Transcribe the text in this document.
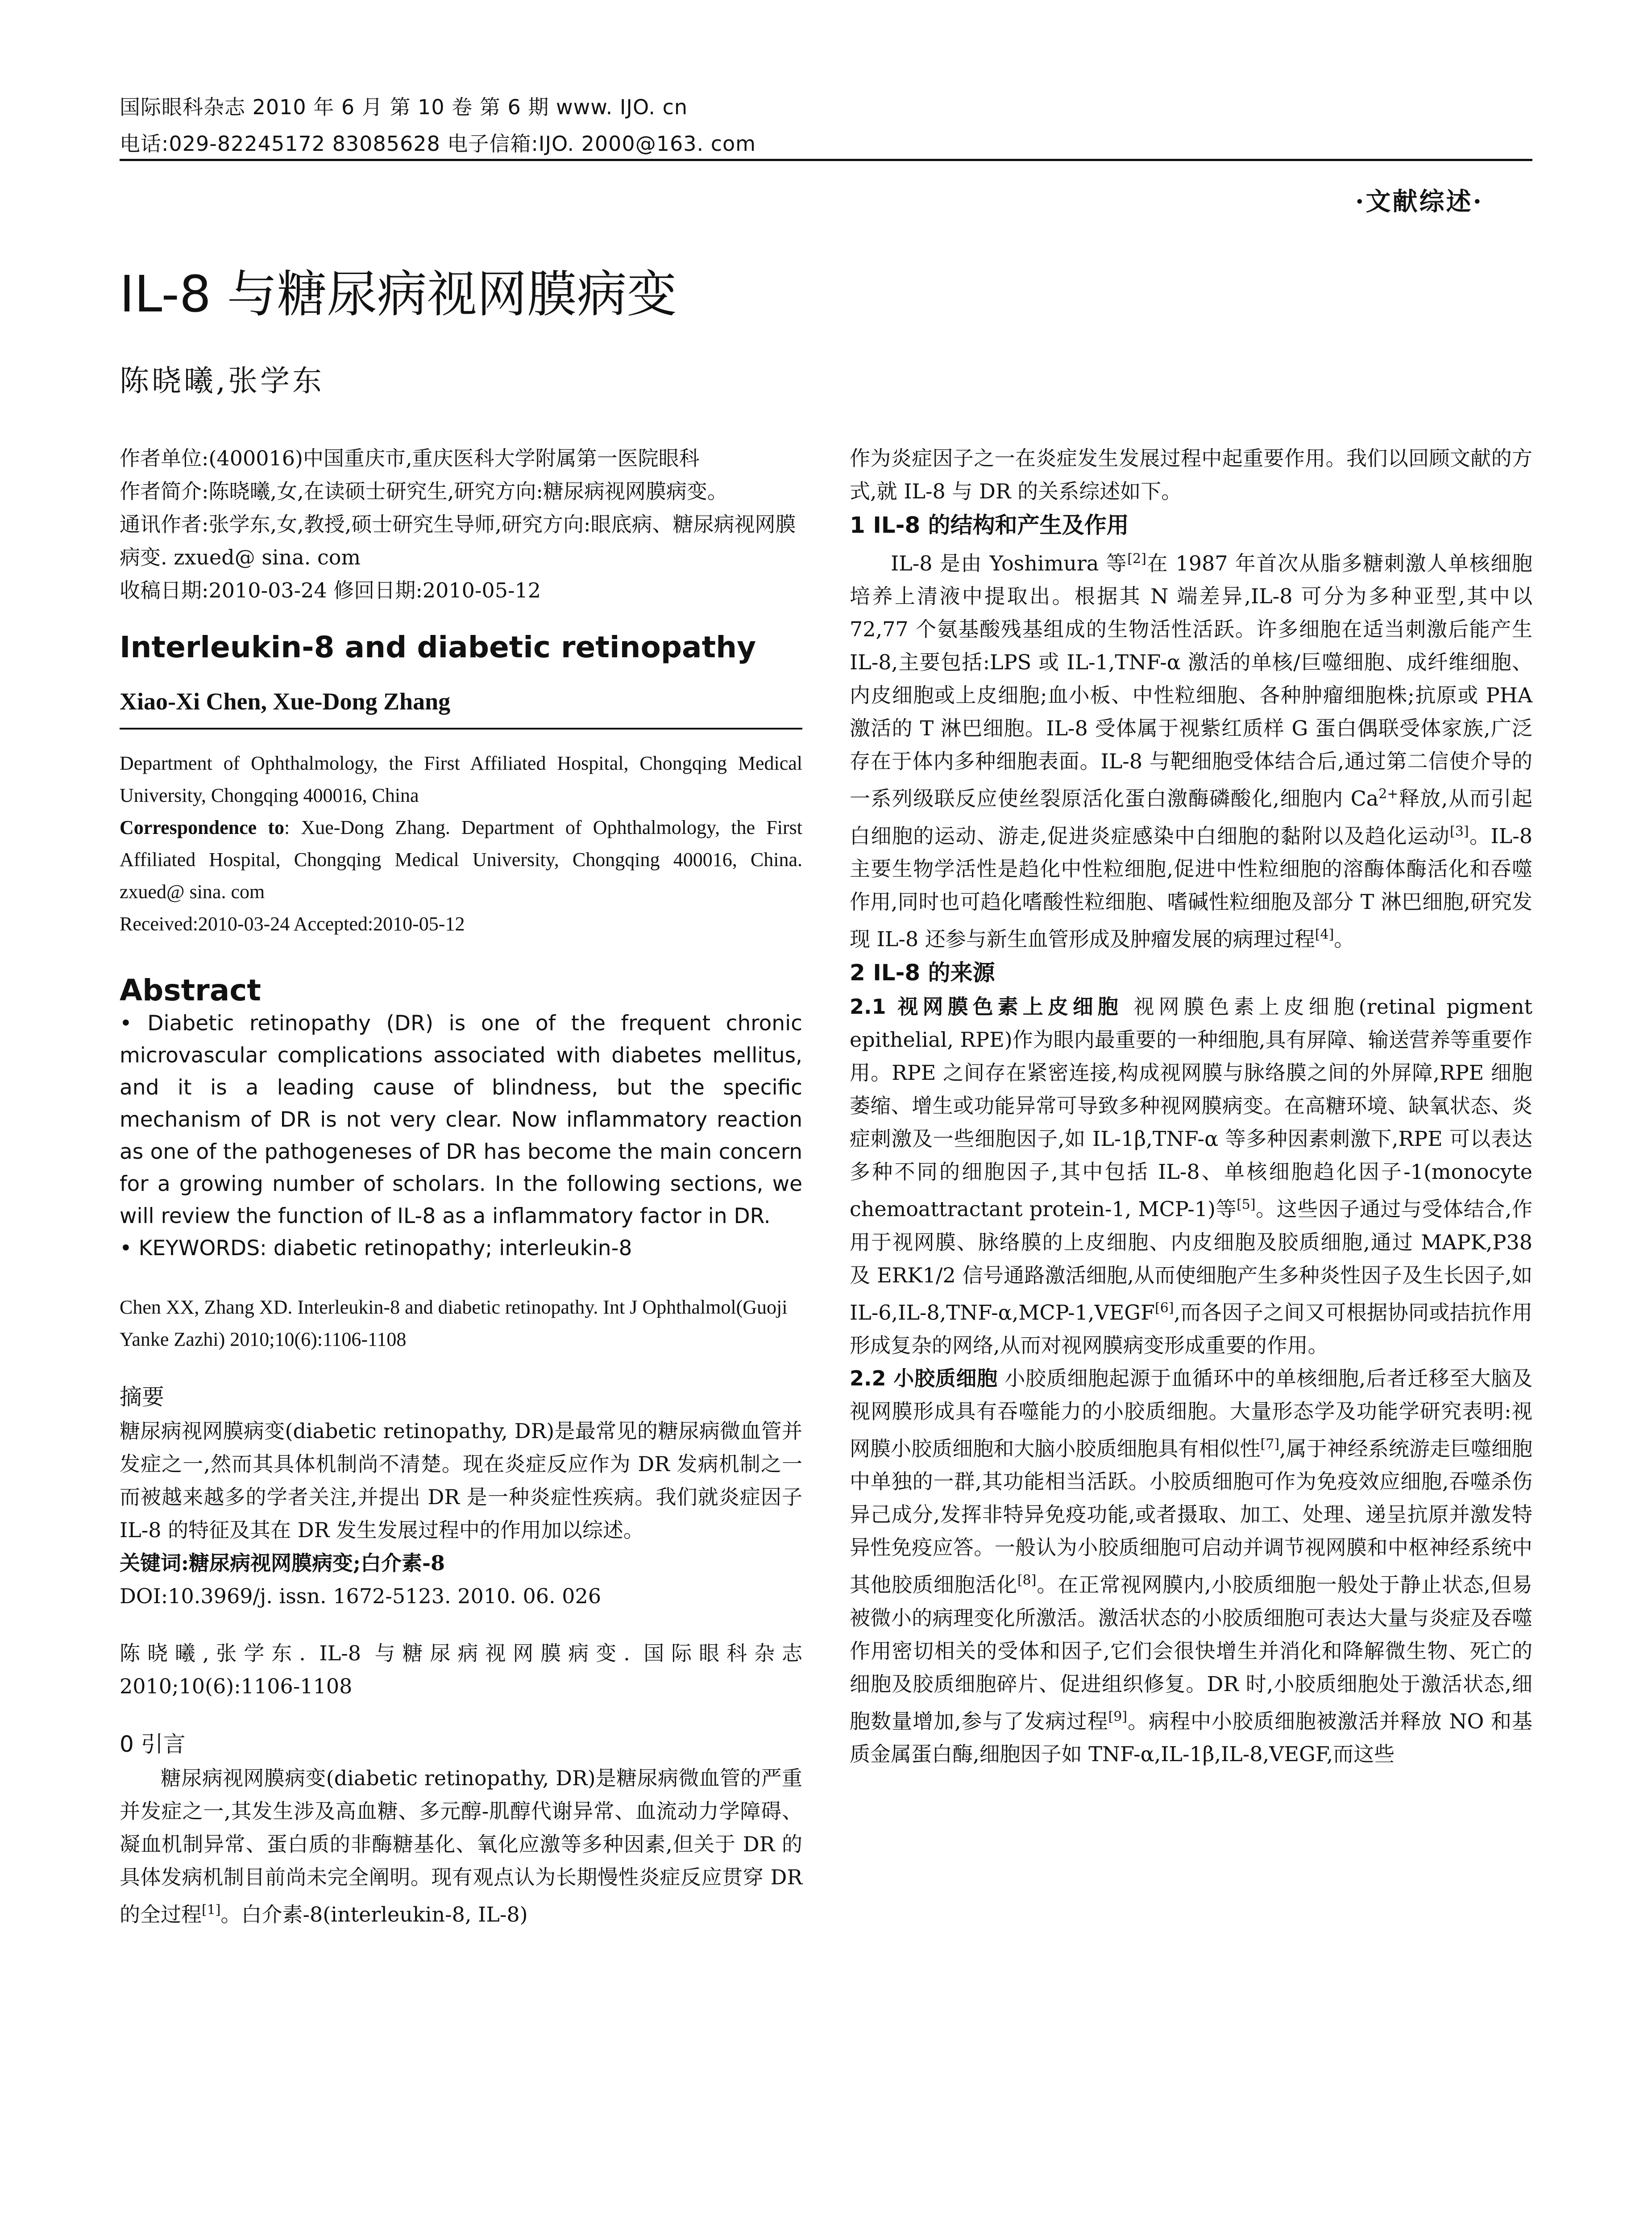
国际眼科杂志 2010 年 6 月 第 10 卷 第 6 期 www. IJO. cn
电话:029-82245172 83085628 电子信箱:IJO. 2000@163. com
·文献综述·
IL-8 与糖尿病视网膜病变
陈晓曦,张学东
作者单位:(400016)中国重庆市,重庆医科大学附属第一医院眼科
作者简介:陈晓曦,女,在读硕士研究生,研究方向:糖尿病视网膜病变。
通讯作者:张学东,女,教授,硕士研究生导师,研究方向:眼底病、糖尿病视网膜病变. zxued@ sina. com
收稿日期:2010-03-24 修回日期:2010-05-12
Interleukin-8 and diabetic retinopathy
Xiao-Xi Chen, Xue-Dong Zhang
Department of Ophthalmology, the First Affiliated Hospital, Chongqing Medical University, Chongqing 400016, China
Correspondence to: Xue-Dong Zhang. Department of Ophthalmology, the First Affiliated Hospital, Chongqing Medical University, Chongqing 400016, China. zxued@ sina. com
Received:2010-03-24 Accepted:2010-05-12
Abstract
• Diabetic retinopathy (DR) is one of the frequent chronic microvascular complications associated with diabetes mellitus, and it is a leading cause of blindness, but the specific mechanism of DR is not very clear. Now inflammatory reaction as one of the pathogeneses of DR has become the main concern for a growing number of scholars. In the following sections, we will review the function of IL-8 as a inflammatory factor in DR.
• KEYWORDS: diabetic retinopathy; interleukin-8
Chen XX, Zhang XD. Interleukin-8 and diabetic retinopathy. Int J Ophthalmol(Guoji Yanke Zazhi) 2010;10(6):1106-1108
摘要
糖尿病视网膜病变(diabetic retinopathy, DR)是最常见的糖尿病微血管并发症之一,然而其具体机制尚不清楚。现在炎症反应作为 DR 发病机制之一而被越来越多的学者关注,并提出 DR 是一种炎症性疾病。我们就炎症因子 IL-8 的特征及其在 DR 发生发展过程中的作用加以综述。
关键词:糖尿病视网膜病变;白介素-8
DOI:10.3969/j. issn. 1672-5123. 2010. 06. 026
陈晓曦,张学东. IL-8 与糖尿病视网膜病变. 国际眼科杂志 2010;10(6):1106-1108
0 引言
糖尿病视网膜病变(diabetic retinopathy, DR)是糖尿病微血管的严重并发症之一,其发生涉及高血糖、多元醇-肌醇代谢异常、血流动力学障碍、凝血机制异常、蛋白质的非酶糖基化、氧化应激等多种因素,但关于 DR 的具体发病机制目前尚未完全阐明。现有观点认为长期慢性炎症反应贯穿 DR 的全过程[1]。白介素-8(interleukin-8, IL-8)
作为炎症因子之一在炎症发生发展过程中起重要作用。我们以回顾文献的方式,就 IL-8 与 DR 的关系综述如下。
1 IL-8 的结构和产生及作用
IL-8 是由 Yoshimura 等[2]在 1987 年首次从脂多糖刺激人单核细胞培养上清液中提取出。根据其 N 端差异,IL-8 可分为多种亚型,其中以 72,77 个氨基酸残基组成的生物活性活跃。许多细胞在适当刺激后能产生 IL-8,主要包括:LPS 或 IL-1,TNF-α 激活的单核/巨噬细胞、成纤维细胞、内皮细胞或上皮细胞;血小板、中性粒细胞、各种肿瘤细胞株;抗原或 PHA 激活的 T 淋巴细胞。IL-8 受体属于视紫红质样 G 蛋白偶联受体家族,广泛存在于体内多种细胞表面。IL-8 与靶细胞受体结合后,通过第二信使介导的一系列级联反应使丝裂原活化蛋白激酶磷酸化,细胞内 Ca$^{2+}$释放,从而引起白细胞的运动、游走,促进炎症感染中白细胞的黏附以及趋化运动[3]。IL-8 主要生物学活性是趋化中性粒细胞,促进中性粒细胞的溶酶体酶活化和吞噬作用,同时也可趋化嗜酸性粒细胞、嗜碱性粒细胞及部分 T 淋巴细胞,研究发现 IL-8 还参与新生血管形成及肿瘤发展的病理过程[4]。
2 IL-8 的来源
2.1 视网膜色素上皮细胞 视网膜色素上皮细胞(retinal pigment epithelial, RPE)作为眼内最重要的一种细胞,具有屏障、输送营养等重要作用。RPE 之间存在紧密连接,构成视网膜与脉络膜之间的外屏障,RPE 细胞萎缩、增生或功能异常可导致多种视网膜病变。在高糖环境、缺氧状态、炎症刺激及一些细胞因子,如 IL-1β,TNF-α 等多种因素刺激下,RPE 可以表达多种不同的细胞因子,其中包括 IL-8、单核细胞趋化因子-1(monocyte chemoattractant protein-1, MCP-1)等[5]。这些因子通过与受体结合,作用于视网膜、脉络膜的上皮细胞、内皮细胞及胶质细胞,通过 MAPK,P38 及 ERK1/2 信号通路激活细胞,从而使细胞产生多种炎性因子及生长因子,如 IL-6,IL-8,TNF-α,MCP-1,VEGF[6],而各因子之间又可根据协同或拮抗作用形成复杂的网络,从而对视网膜病变形成重要的作用。
2.2 小胶质细胞 小胶质细胞起源于血循环中的单核细胞,后者迁移至大脑及视网膜形成具有吞噬能力的小胶质细胞。大量形态学及功能学研究表明:视网膜小胶质细胞和大脑小胶质细胞具有相似性[7],属于神经系统游走巨噬细胞中单独的一群,其功能相当活跃。小胶质细胞可作为免疫效应细胞,吞噬杀伤异己成分,发挥非特异免疫功能,或者摄取、加工、处理、递呈抗原并激发特异性免疫应答。一般认为小胶质细胞可启动并调节视网膜和中枢神经系统中其他胶质细胞活化[8]。在正常视网膜内,小胶质细胞一般处于静止状态,但易被微小的病理变化所激活。激活状态的小胶质细胞可表达大量与炎症及吞噬作用密切相关的受体和因子,它们会很快增生并消化和降解微生物、死亡的细胞及胶质细胞碎片、促进组织修复。DR 时,小胶质细胞处于激活状态,细胞数量增加,参与了发病过程[9]。病程中小胶质细胞被激活并释放 NO 和基质金属蛋白酶,细胞因子如 TNF-α,IL-1β,IL-8,VEGF,而这些
